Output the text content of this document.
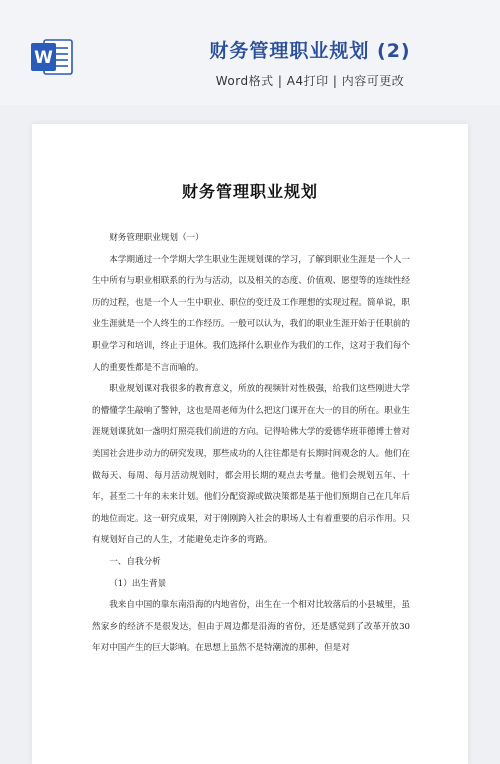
W	财务管理职业规划 (2)
Word格式 | A4打印 | 内容可更改
财务管理职业规划

财务管理职业规划（一）

本学期通过一个学期大学生职业生涯规划课的学习，了解到职业生涯是一个人一生中所有与职业相联系的行为与活动，以及相关的态度、价值观、愿望等的连续性经历的过程，也是一个人一生中职业、职位的变迁及工作理想的实现过程。简单说，职业生涯就是一个人终生的工作经历。一般可以认为，我们的职业生涯开始于任职前的职业学习和培训，终止于退休。我们选择什么职业作为我们的工作，这对于我们每个人的重要性都是不言而喻的。

职业规划课对我很多的教育意义，所放的视频针对性极强，给我们这些刚进大学的懵懂学生敲响了警钟，这也是周老师为什么把这门课开在大一的目的所在。职业生涯规划课犹如一盏明灯照亮我们前进的方向。记得哈佛大学的爱德华班菲德博士曾对美国社会进步动力的研究发现，那些成功的人往往都是有长期时间观念的人。他们在做每天、每周、每月活动规划时，都会用长期的观点去考量。他们会规划五年、十年，甚至二十年的未来计划。他们分配资源或做决策都是基于他们预期自己在几年后的地位而定。这一研究成果，对于刚刚跨入社会的职场人士有着重要的启示作用。只有规划好自己的人生，才能避免走许多的弯路。

一、自我分析

（1）出生背景

我来自中国的靠东南沿海的内地省份，出生在一个相对比较落后的小县城里，虽然家乡的经济不是很发达，但由于周边都是沿海的省份，还是感觉到了改革开放30年对中国产生的巨大影响。在思想上虽然不是特潮流的那种，但是对
